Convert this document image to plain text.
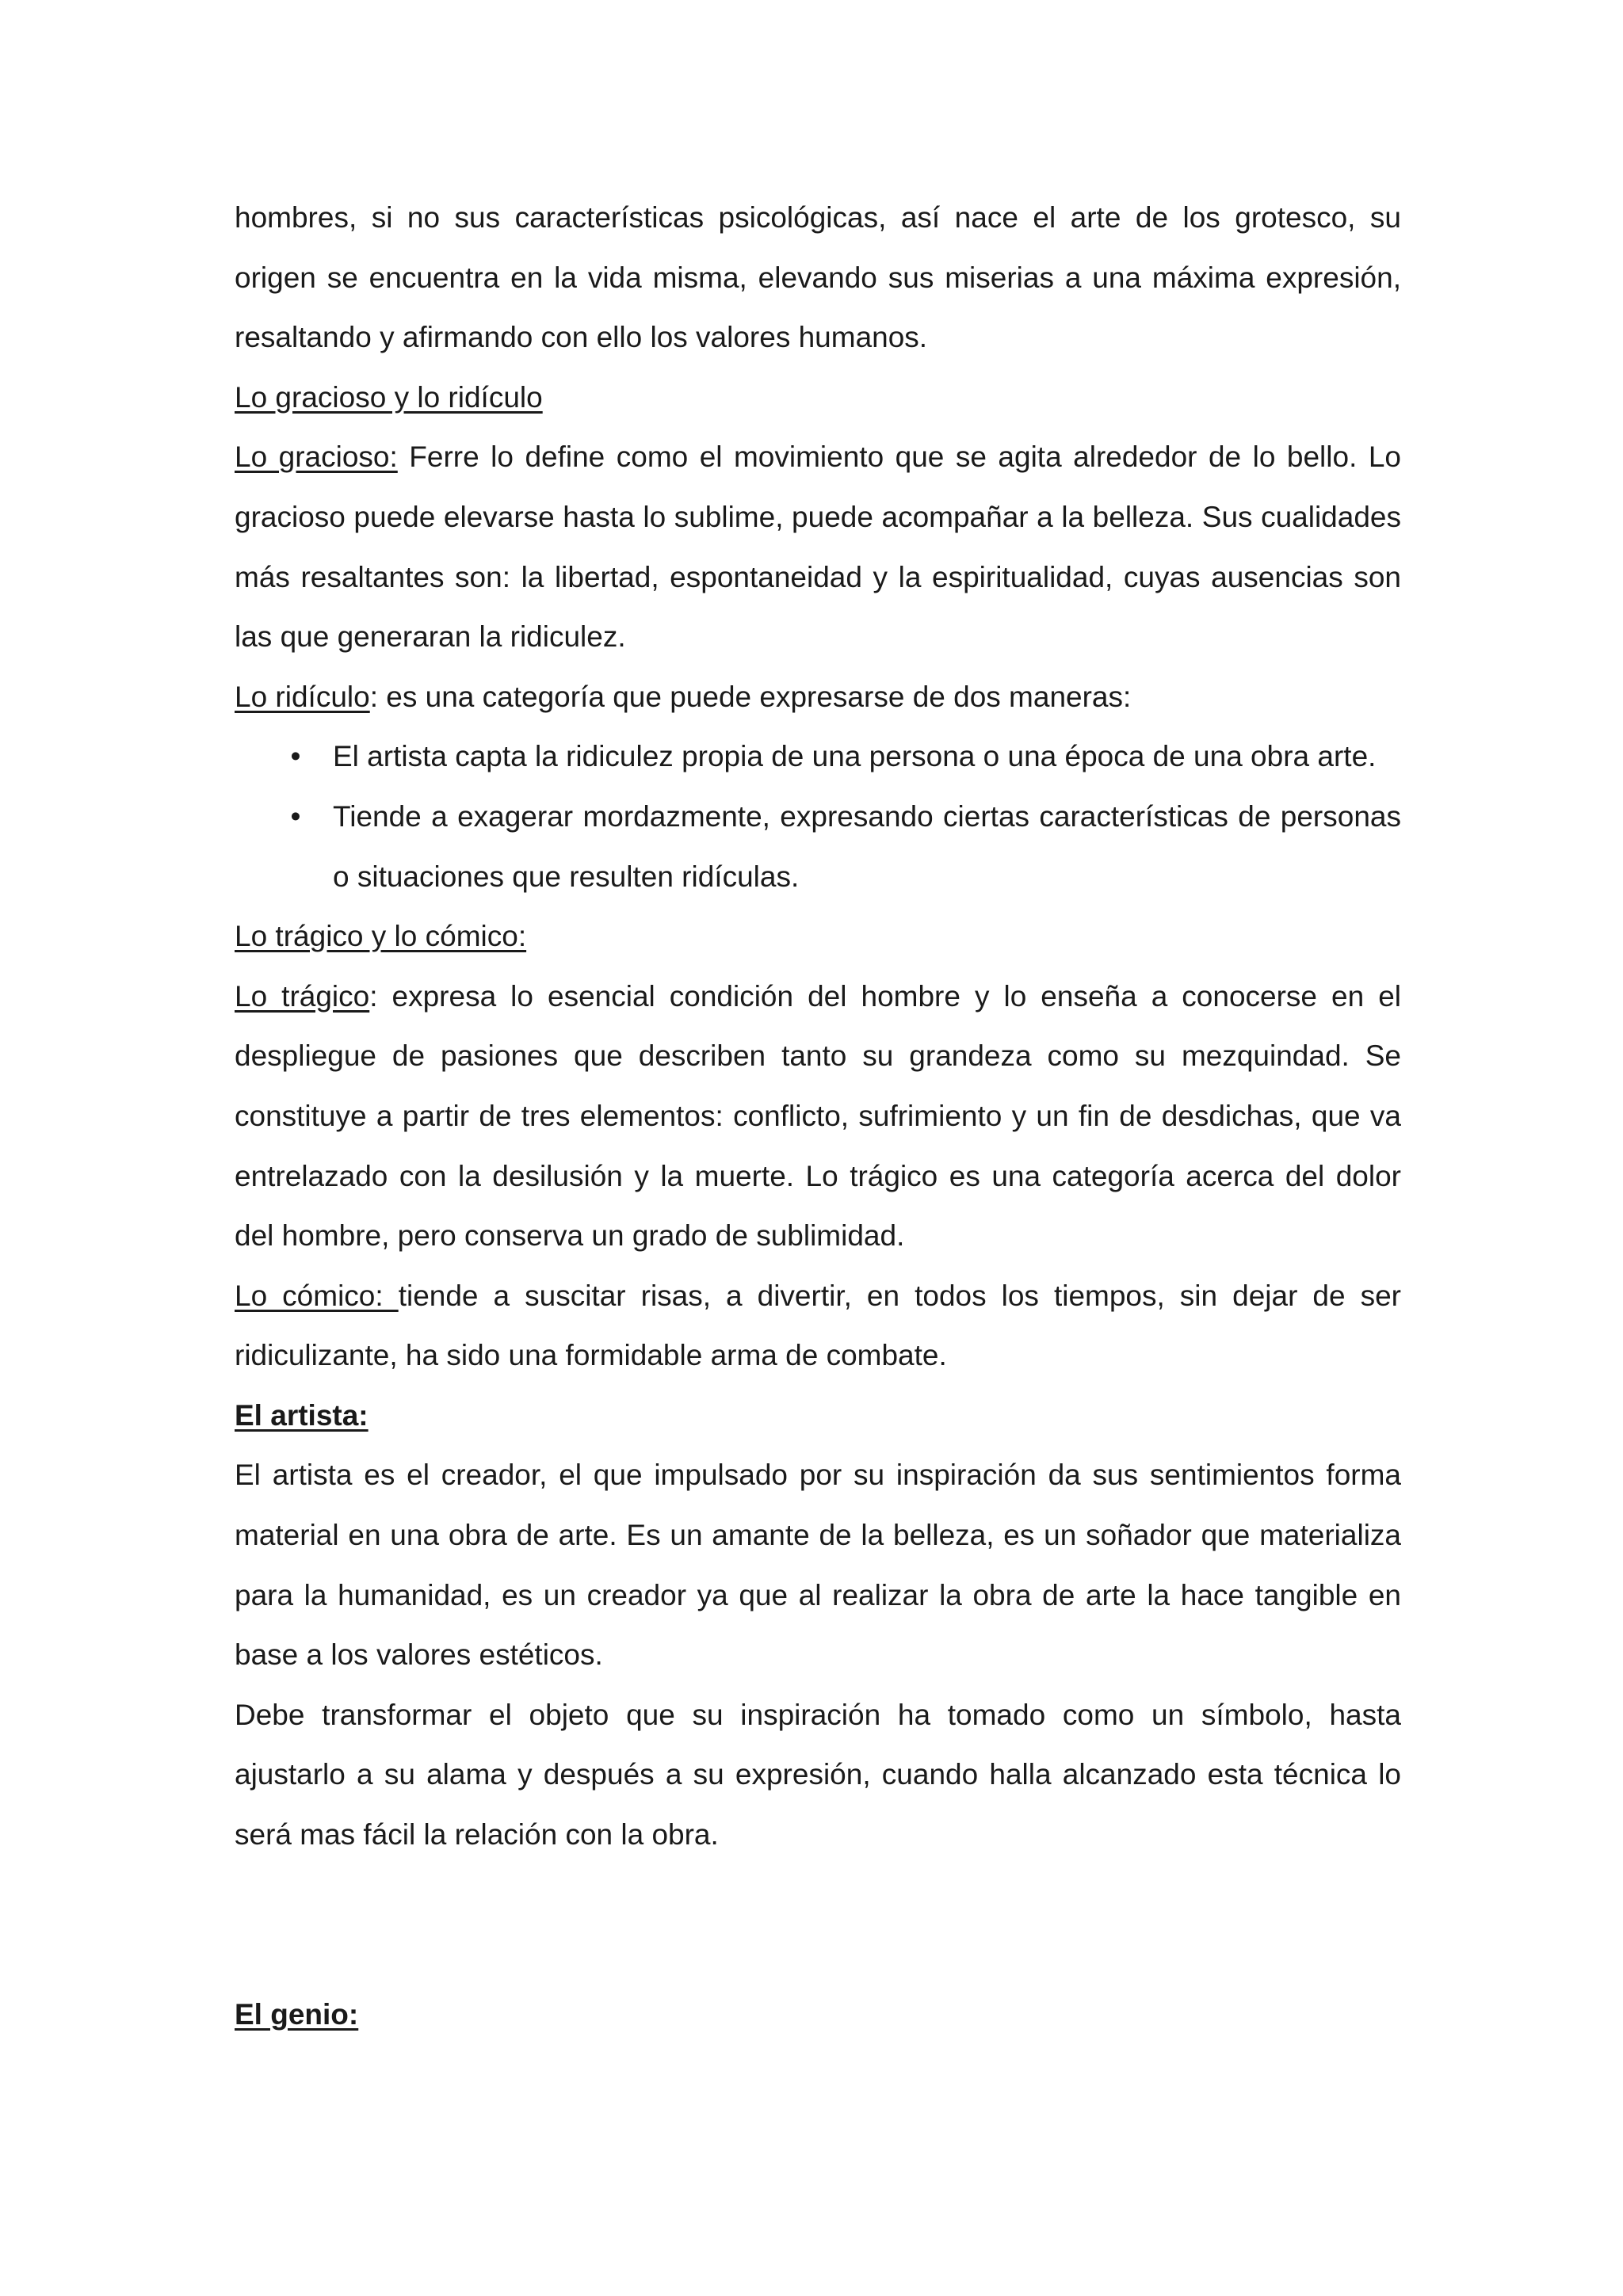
hombres, si no sus características psicológicas, así nace el arte de los grotesco, su origen se encuentra en la vida misma, elevando sus miserias a una máxima expresión, resaltando y afirmando con ello los valores humanos.

Lo gracioso y lo ridículo

Lo gracioso: Ferre lo define como el movimiento que se agita alrededor de lo bello. Lo gracioso puede elevarse hasta lo sublime, puede acompañar a la belleza. Sus cualidades más resaltantes son: la libertad, espontaneidad y la espiritualidad, cuyas ausencias son las que generaran la ridiculez.

Lo ridículo: es una categoría que puede expresarse de dos maneras:

• El artista capta la ridiculez propia de una persona o una época de una obra arte.
• Tiende a exagerar mordazmente, expresando ciertas características de personas o situaciones que resulten ridículas.

Lo trágico y lo cómico:

Lo trágico: expresa lo esencial condición del hombre y lo enseña a conocerse en el despliegue de pasiones que describen tanto su grandeza como su mezquindad. Se constituye a partir de tres elementos: conflicto, sufrimiento y un fin de desdichas, que va entrelazado con la desilusión y la muerte. Lo trágico es una categoría acerca del dolor del hombre, pero conserva un grado de sublimidad.

Lo cómico: tiende a suscitar risas, a divertir, en todos los tiempos, sin dejar de ser ridiculizante, ha sido una formidable arma de combate.

El artista:

El artista es el creador, el que impulsado por su inspiración da sus sentimientos forma material en una obra de arte. Es un amante de la belleza, es un soñador que materializa para la humanidad, es un creador ya que al realizar la obra de arte la hace tangible en base a los valores estéticos.

Debe transformar el objeto que su inspiración ha tomado como un símbolo, hasta ajustarlo a su alama y después a su expresión, cuando halla alcanzado esta técnica lo será mas fácil la relación con la obra.

El genio:
